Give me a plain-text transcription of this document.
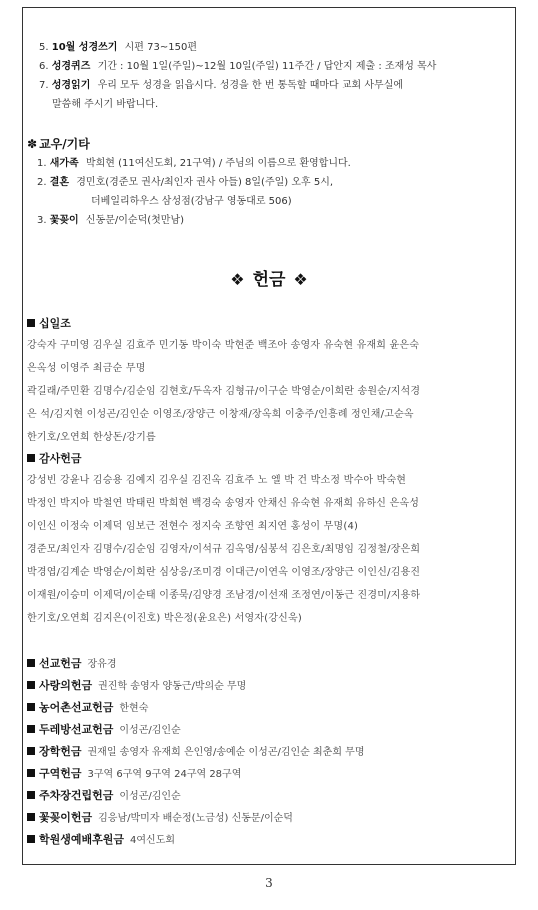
5. 10월 성경쓰기 시편 73~150편
6. 성경퀴즈 기간 : 10월 1일(주일)~12월 10일(주일) 11주간 / 답안지 제출 : 조재성 목사
7. 성경읽기 우리 모두 성경을 읽읍시다. 성경을 한 번 통독할 때마다 교회 사무실에
말씀해 주시기 바랍니다.
✽ 교우/기타
1. 새가족 박희현 (11여신도회, 21구역) / 주님의 이름으로 환영합니다.
2. 결혼 경민호(경준모 권사/최인자 권사 아들) 8일(주일) 오후 5시,
더베일리하우스 삼성점(강남구 영동대로 506)
3. 꽃꽂이 신동문/이순덕(첫만남)
❖ 헌금 ❖
십일조
강숙자 구미영 김우실 김효주 민기동 박이숙 박현준 백조아 송영자 유숙현 유재희 윤은숙
은옥성 이영주 최금순 무명
곽길래/주민환 김명수/김순임 김현호/두옥자 김형규/이구순 박영순/이희란 송원순/지석경
은 석/김지현 이성곤/김인순 이영조/장양근 이창재/장옥희 이충주/인흥례 정인채/고순옥
한기호/오연희 한상돈/강기름
감사헌금
강성빈 강윤나 김승용 김예지 김우실 김진옥 김효주 노 엘 박 건 박소정 박수아 박숙현
박정인 박지아 박철연 박태린 박희현 백경숙 송영자 안채신 유숙현 유재희 유하신 은옥성
이인신 이정숙 이제덕 임보근 전현수 정지숙 조향연 최지연 홍성이 무명(4)
경준모/최인자 김명수/김순임 김영자/이석규 김옥영/심봉석 김은호/최명임 김정철/장은희
박경엽/김계순 박영순/이희란 심상응/조미경 이대근/이연옥 이영조/장양근 이인신/김용진
이재원/이승미 이제덕/이순태 이종묵/김양경 조남경/이선재 조정연/이동근 진경미/지용하
한기호/오연희 김지은(이진호) 박은정(윤요은) 서영자(강신욱)
선교헌금 장유경
사랑의헌금 권진학 송영자 양동근/박의순 무명
농어촌선교헌금 한현숙
두레방선교헌금 이성곤/김인순
장학헌금 권재일 송영자 유재희 은인영/송예순 이성곤/김인순 최춘희 무명
구역헌금 3구역 6구역 9구역 24구역 28구역
주차장건립헌금 이성곤/김인순
꽃꽂이헌금 김응남/박미자 배순정(노금성) 신동문/이순덕
학원생예배후원금 4여신도회
3
